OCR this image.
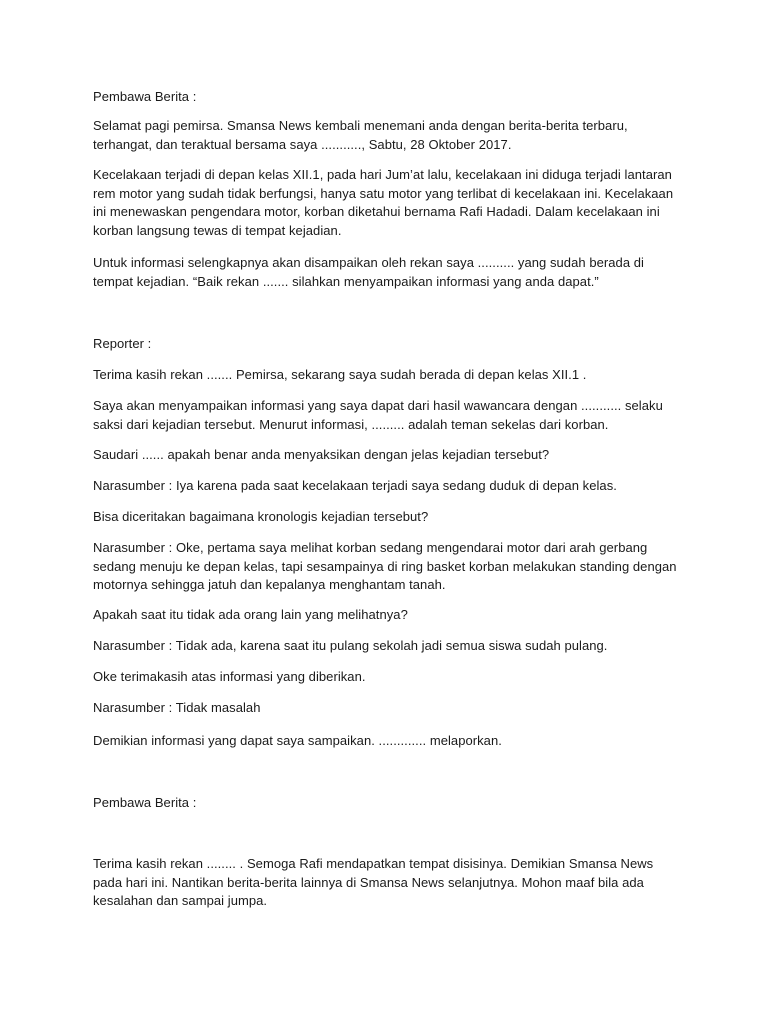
Pembawa Berita :

Selamat pagi pemirsa. Smansa News kembali menemani anda dengan berita-berita terbaru, terhangat, dan teraktual bersama saya ..........., Sabtu, 28 Oktober 2017.

Kecelakaan terjadi di depan kelas XII.1, pada hari Jum’at lalu, kecelakaan ini diduga terjadi lantaran rem motor yang sudah tidak berfungsi, hanya satu motor yang terlibat di kecelakaan ini. Kecelakaan ini menewaskan pengendara motor, korban diketahui bernama Rafi Hadadi. Dalam kecelakaan ini korban langsung tewas di tempat kejadian.

Untuk informasi selengkapnya akan disampaikan oleh rekan saya .......... yang sudah berada di tempat kejadian. “Baik rekan ....... silahkan menyampaikan informasi yang anda dapat.”

Reporter :

Terima kasih rekan ....... Pemirsa, sekarang saya sudah berada di depan kelas XII.1 .

Saya akan menyampaikan informasi yang saya dapat dari hasil wawancara dengan ........... selaku saksi dari kejadian tersebut. Menurut informasi, ......... adalah teman sekelas dari korban.

Saudari ...... apakah benar anda menyaksikan dengan jelas kejadian tersebut?

Narasumber : Iya karena pada saat kecelakaan terjadi saya sedang duduk di depan kelas.

Bisa diceritakan bagaimana kronologis kejadian tersebut?

Narasumber : Oke, pertama saya melihat korban sedang mengendarai motor dari arah gerbang sedang menuju ke depan kelas, tapi sesampainya di ring basket korban melakukan standing dengan motornya sehingga jatuh dan kepalanya menghantam tanah.

Apakah saat itu tidak ada orang lain yang melihatnya?

Narasumber : Tidak ada, karena saat itu pulang sekolah jadi semua siswa sudah pulang.

Oke terimakasih atas informasi yang diberikan.

Narasumber : Tidak masalah

Demikian informasi yang dapat saya sampaikan. ............. melaporkan.

Pembawa Berita :

Terima kasih rekan ........ . Semoga Rafi mendapatkan tempat disisinya. Demikian Smansa News pada hari ini. Nantikan berita-berita lainnya di Smansa News selanjutnya. Mohon maaf bila ada kesalahan dan sampai jumpa.
